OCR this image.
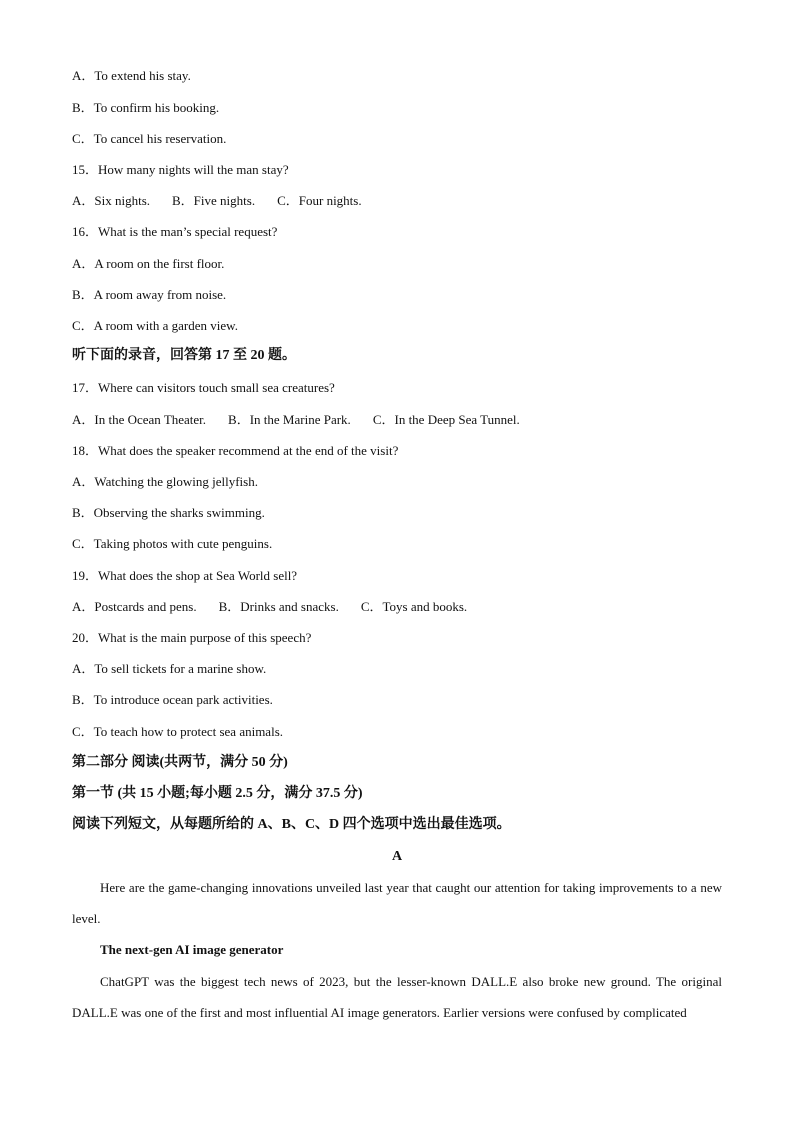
A．To extend his stay.
B．To confirm his booking.
C．To cancel his reservation.
15．How many nights will the man stay?
A．Six nights. B．Five nights. C．Four nights.
16．What is the man’s special request?
A．A room on the first floor.
B．A room away from noise.
C．A room with a garden view.
听下面的录音，回答第 17 至 20 题。
17．Where can visitors touch small sea creatures?
A．In the Ocean Theater. B．In the Marine Park. C．In the Deep Sea Tunnel.
18．What does the speaker recommend at the end of the visit?
A．Watching the glowing jellyfish.
B．Observing the sharks swimming.
C．Taking photos with cute penguins.
19．What does the shop at Sea World sell?
A．Postcards and pens. B．Drinks and snacks. C．Toys and books.
20．What is the main purpose of this speech?
A．To sell tickets for a marine show.
B．To introduce ocean park activities.
C．To teach how to protect sea animals.
第二部分 阅读(共两节，满分 50 分)
第一节 (共 15 小题;每小题 2.5 分，满分 37.5 分)
阅读下列短文，从每题所给的 A、B、C、D 四个选项中选出最佳选项。
A
Here are the game-changing innovations unveiled last year that caught our attention for taking improvements to a new level.
The next-gen AI image generator
ChatGPT was the biggest tech news of 2023, but the lesser-known DALL.E also broke new ground. The original DALL.E was one of the first and most influential AI image generators. Earlier versions were confused by complicated
